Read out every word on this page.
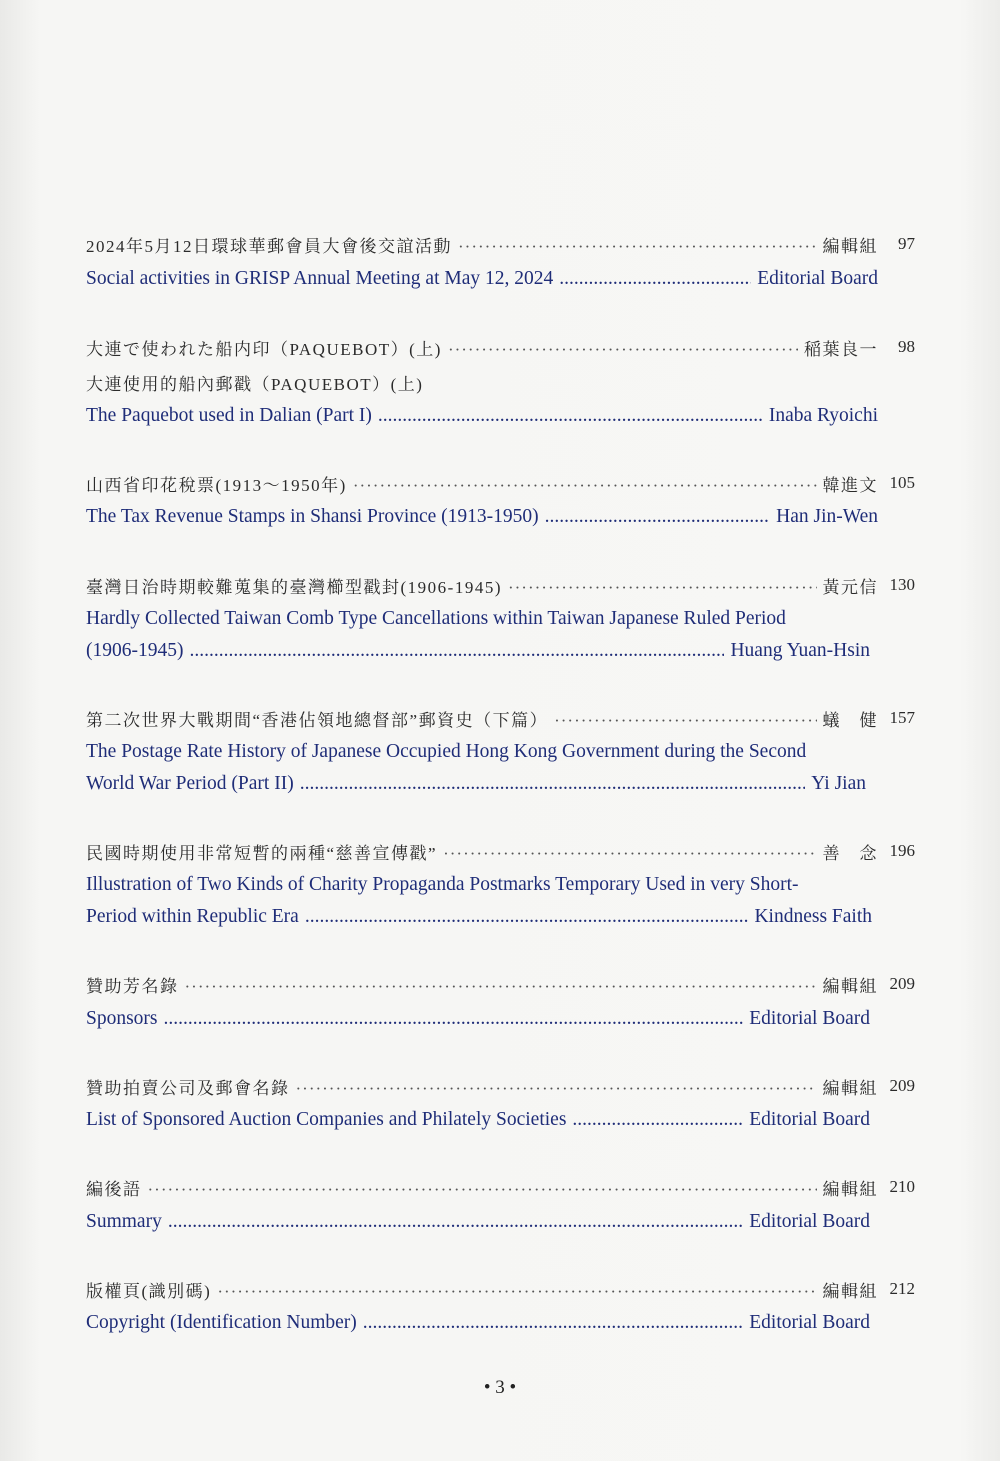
2024年5月12日環球華郵會員大會後交誼活動 ·····	編輯組	97
Social activities in GRISP Annual Meeting at May 12, 2024 .....	Editorial Board
大連で使われた船内印（PAQUEBOT）(上) ·····	稲葉良一	98
大連使用的船內郵戳（PAQUEBOT）(上)
The Paquebot used in Dalian (Part I) .....	Inaba Ryoichi
山西省印花稅票(1913～1950年) ·····	韓進文 105
The Tax Revenue Stamps in Shansi Province (1913-1950) .....	Han Jin-Wen
臺灣日治時期較難蒐集的臺灣櫛型戳封(1906-1945) ·····	黃元信 130
Hardly Collected Taiwan Comb Type Cancellations within Taiwan Japanese Ruled Period
(1906-1945) .....	Huang Yuan-Hsin
第二次世界大戰期間“香港佔領地總督部”郵資史（下篇） ·····	蟻　健 157
The Postage Rate History of Japanese Occupied Hong Kong Government during the Second
World War Period (Part II) .....	Yi Jian
民國時期使用非常短暫的兩種“慈善宣傳戳” ·····	善　念 196
Illustration of Two Kinds of Charity Propaganda Postmarks Temporary Used in very Short-
Period within Republic Era .....	Kindness Faith
贊助芳名錄 ·····	編輯組 209
Sponsors .....	Editorial Board
贊助拍賣公司及郵會名錄 ·····	編輯組 209
List of Sponsored Auction Companies and Philately Societies .....	Editorial Board
編後語 ·····	編輯組 210
Summary .....	Editorial Board
版權頁(識別碼) ·····	編輯組 212
Copyright (Identification Number) .....	Editorial Board
• 3 •
